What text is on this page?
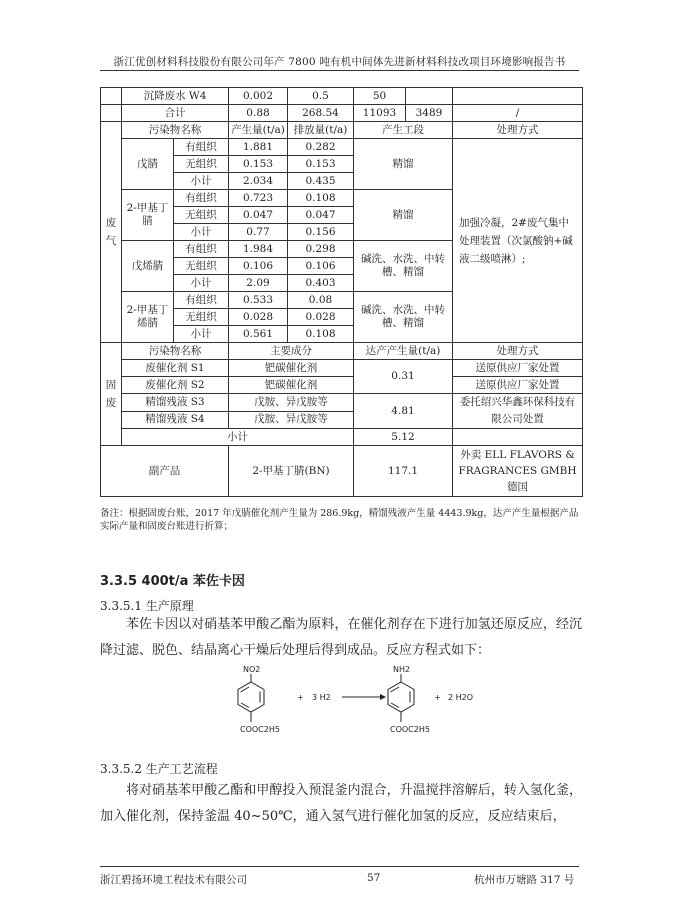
浙江优创材料科技股份有限公司年产 7800 吨有机中间体先进新材料科技改项目环境影响报告书
	沉降废水 W4		0.002	0.5	50		
	合计		0.88	268.54	11093	3489	/
废气	污染物名称		产生量(t/a)	排放量(t/a)	产生工段		处理方式
	戊腈	有组织	1.881	0.282	精馏		加强冷凝，2#废气集中处理装置（次氯酸钠+碱液二级喷淋）;
		无组织	0.153	0.153			
		小计	2.034	0.435			
	2-甲基丁腈	有组织	0.723	0.108	精馏		
		无组织	0.047	0.047			
		小计	0.77	0.156			
	戊烯腈	有组织	1.984	0.298	碱洗、水洗、中转槽、精馏		
		无组织	0.106	0.106			
		小计	2.09	0.403			
	2-甲基丁烯腈	有组织	0.533	0.08	碱洗、水洗、中转槽、精馏		
		无组织	0.028	0.028			
		小计	0.561	0.108			
固废	污染物名称		主要成分		达产产生量(t/a)		处理方式
	废催化剂 S1		钯碳催化剂		0.31		送原供应厂家处置
	废催化剂 S2		钯碳催化剂				送原供应厂家处置
	精馏残液 S3		戊胺、异戊胺等		4.81		委托绍兴华鑫环保科技有限公司处置
	精馏残液 S4		戊胺、异戊胺等				
	小计				5.12		
副产品			2-甲基丁腈(BN)		117.1		外卖 ELL FLAVORS & FRAGRANCES GMBH 德国
备注：根据固废台账，2017 年戊腈催化剂产生量为 286.9kg，精馏残液产生量 4443.9kg，达产产生量根据产品实际产量和固废台账进行折算；
3.3.5 400t/a 苯佐卡因
3.3.5.1 生产原理
苯佐卡因以对硝基苯甲酸乙酯为原料，在催化剂存在下进行加氢还原反应，经沉降过滤、脱色、结晶离心干燥后处理后得到成品。反应方程式如下：
NO2
COOC2H5
+ 3 H2
NH2
COOC2H5
+ 2 H2O
3.3.5.2 生产工艺流程
将对硝基苯甲酸乙酯和甲醇投入预混釜内混合，升温搅拌溶解后，转入氢化釜，加入催化剂，保持釜温 40~50℃，通入氢气进行催化加氢的反应，反应结束后，
浙江碧扬环境工程技术有限公司	57	杭州市万塘路 317 号
